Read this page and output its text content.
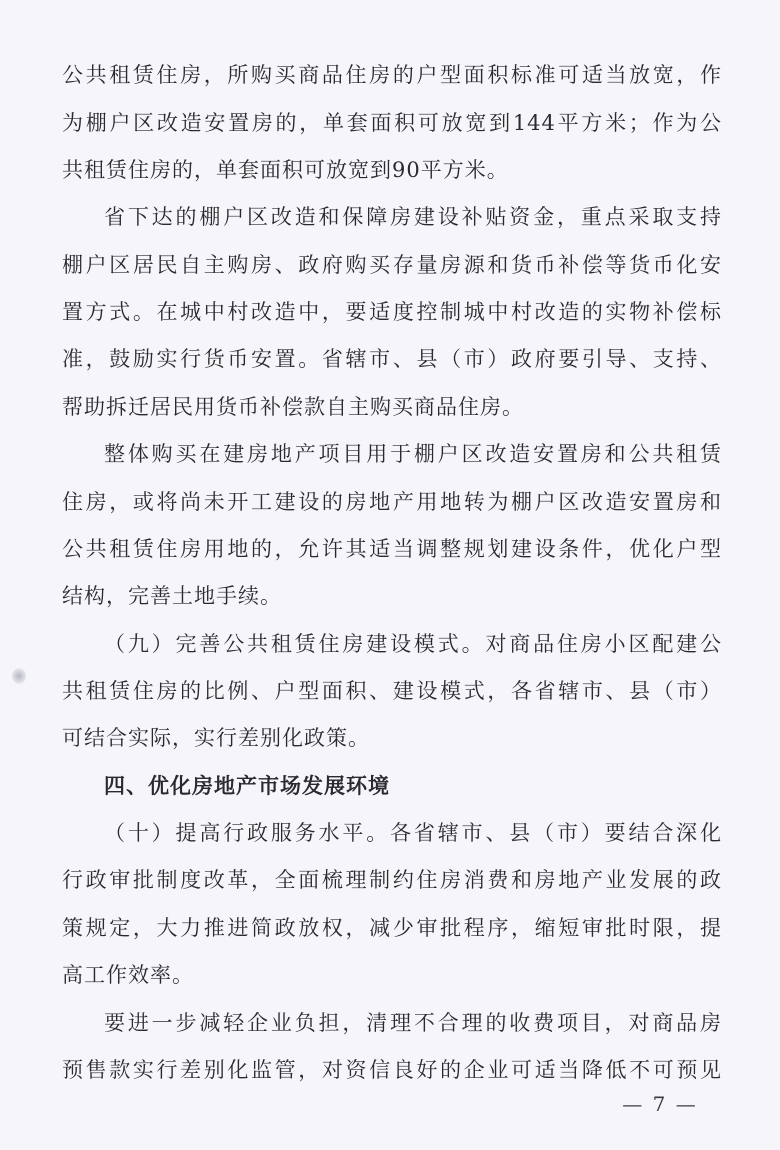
公共租赁住房，所购买商品住房的户型面积标准可适当放宽，作
为棚户区改造安置房的，单套面积可放宽到144平方米；作为公
共租赁住房的，单套面积可放宽到90平方米。
省下达的棚户区改造和保障房建设补贴资金，重点采取支持
棚户区居民自主购房、政府购买存量房源和货币补偿等货币化安
置方式。在城中村改造中，要适度控制城中村改造的实物补偿标
准，鼓励实行货币安置。省辖市、县（市）政府要引导、支持、
帮助拆迁居民用货币补偿款自主购买商品住房。
整体购买在建房地产项目用于棚户区改造安置房和公共租赁
住房，或将尚未开工建设的房地产用地转为棚户区改造安置房和
公共租赁住房用地的，允许其适当调整规划建设条件，优化户型
结构，完善土地手续。
（九）完善公共租赁住房建设模式。对商品住房小区配建公
共租赁住房的比例、户型面积、建设模式，各省辖市、县（市）
可结合实际，实行差别化政策。
四、优化房地产市场发展环境
（十）提高行政服务水平。各省辖市、县（市）要结合深化
行政审批制度改革，全面梳理制约住房消费和房地产业发展的政
策规定，大力推进简政放权，减少审批程序，缩短审批时限，提
高工作效率。
要进一步减轻企业负担，清理不合理的收费项目，对商品房
预售款实行差别化监管，对资信良好的企业可适当降低不可预见
— 7 —
